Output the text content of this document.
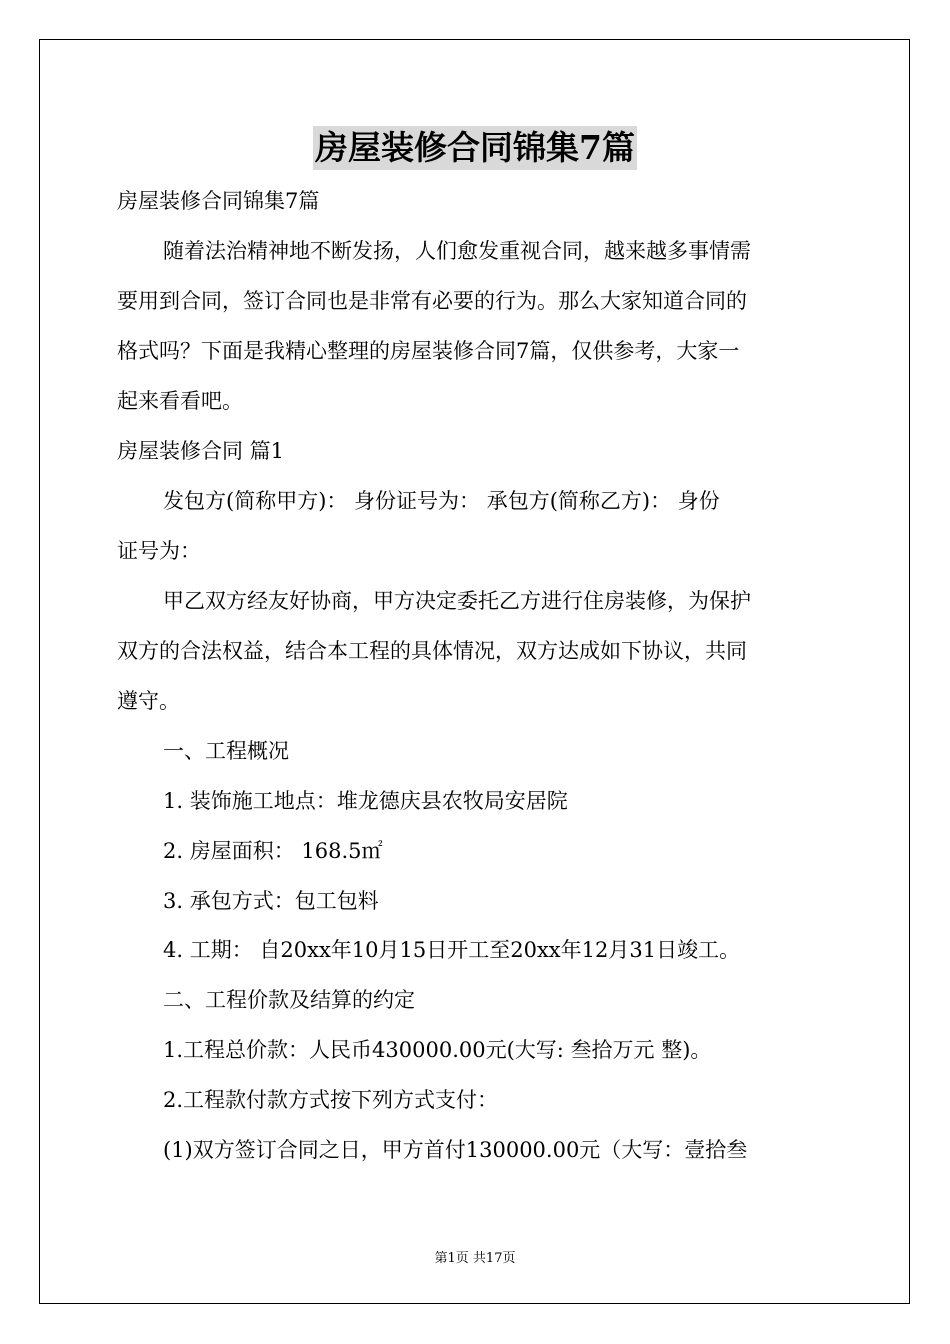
房屋装修合同锦集7篇
房屋装修合同锦集7篇
随着法治精神地不断发扬，人们愈发重视合同，越来越多事情需
要用到合同，签订合同也是非常有必要的行为。那么大家知道合同的
格式吗？下面是我精心整理的房屋装修合同7篇，仅供参考，大家一
起来看看吧。
房屋装修合同 篇1
发包方(简称甲方)： 身份证号为： 承包方(简称乙方)： 身份
证号为：
甲乙双方经友好协商，甲方决定委托乙方进行住房装修，为保护
双方的合法权益，结合本工程的具体情况，双方达成如下协议，共同
遵守。
一、工程概况
1. 装饰施工地点：堆龙德庆县农牧局安居院
2. 房屋面积： 168.5㎡
3. 承包方式：包工包料
4. 工期： 自20xx年10月15日开工至20xx年12月31日竣工。
二、工程价款及结算的约定
1.工程总价款：人民币430000.00元(大写: 叁拾万元 整)。
2.工程款付款方式按下列方式支付：
(1)双方签订合同之日，甲方首付130000.00元（大写：壹拾叁
第1页 共17页
